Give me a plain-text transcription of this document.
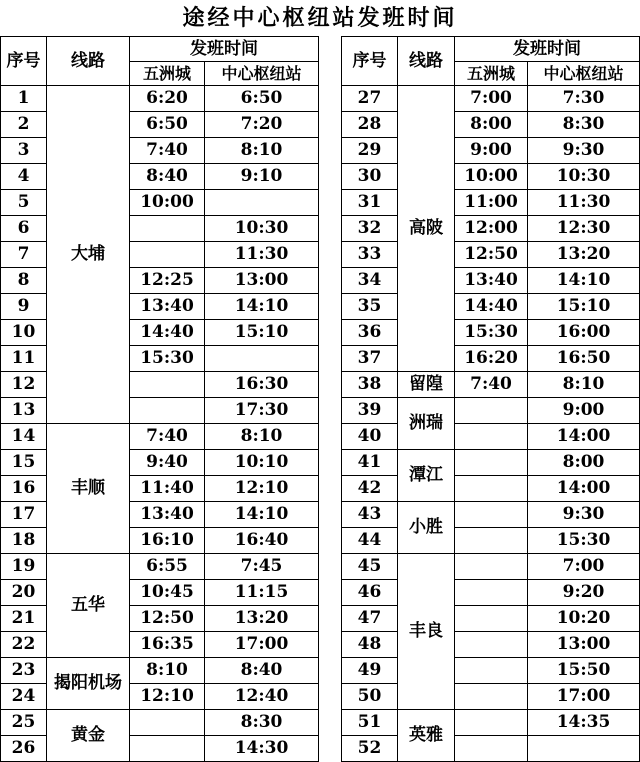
途经中心枢纽站发班时间
序号	线路	发班时间	
		五洲城	中心枢纽站
1	大埔	6:20	6:50
2		6:50	7:20
3		7:40	8:10
4		8:40	9:10
5		10:00	
6			10:30
7			11:30
8		12:25	13:00
9		13:40	14:10
10		14:40	15:10
11		15:30	
12			16:30
13			17:30
14	丰顺	7:40	8:10
15		9:40	10:10
16		11:40	12:10
17		13:40	14:10
18		16:10	16:40
19	五华	6:55	7:45
20		10:45	11:15
21		12:50	13:20
22		16:35	17:00
23	揭阳机场	8:10	8:40
24		12:10	12:40
25	黄金		8:30
26			14:30
序号	线路	发班时间	
		五洲城	中心枢纽站
27	高陂	7:00	7:30
28		8:00	8:30
29		9:00	9:30
30		10:00	10:30
31		11:00	11:30
32		12:00	12:30
33		12:50	13:20
34		13:40	14:10
35		14:40	15:10
36		15:30	16:00
37		16:20	16:50
38	留隍	7:40	8:10
39	洲瑞		9:00
40			14:00
41	潭江		8:00
42			14:00
43	小胜		9:30
44			15:30
45	丰良		7:00
46			9:20
47			10:20
48			13:00
49			15:50
50			17:00
51	英雅		14:35
52			
